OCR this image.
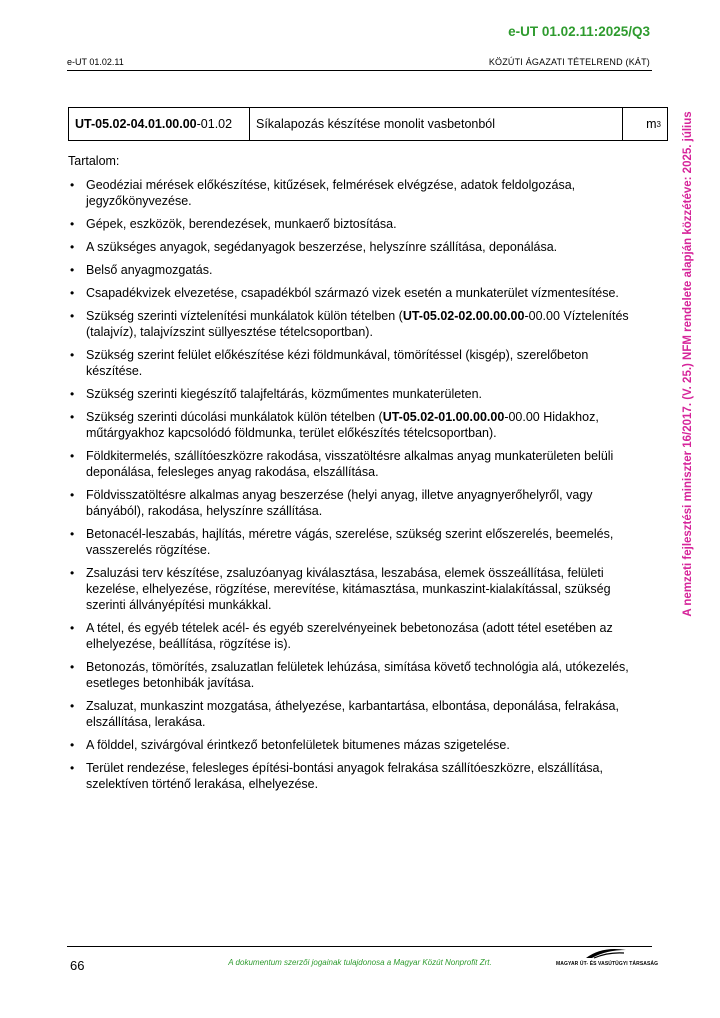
e-UT 01.02.11:2025/Q3
e-UT 01.02.11	KÖZÚTI ÁGAZATI TÉTELREND (KÁT)
UT-05.02-04.01.00.00 -01.02	Síkalapozás készítése monolit vasbetonból	m 3
Tartalom:
• Geodéziai mérések előkészítése, kitűzések, felmérések elvégzése, adatok feldolgozása, jegyzőkönyvezése.
• Gépek, eszközök, berendezések, munkaerő biztosítása.
• A szükséges anyagok, segédanyagok beszerzése, helyszínre szállítása, deponálása.
• Belső anyagmozgatás.
• Csapadékvizek elvezetése, csapadékból származó vizek esetén a munkaterület vízmentesítése.
• Szükség szerinti víztelenítési munkálatok külön tételben (UT-05.02-02.00.00.00-00.00 Víztelenítés (talajvíz), talajvízszint süllyesztése tételcsoportban).
• Szükség szerint felület előkészítése kézi földmunkával, tömörítéssel (kisgép), szerelőbeton készítése.
• Szükség szerinti kiegészítő talajfeltárás, közműmentes munkaterületen.
• Szükség szerinti dúcolási munkálatok külön tételben (UT-05.02-01.00.00.00-00.00 Hidakhoz, műtárgyakhoz kapcsolódó földmunka, terület előkészítés tételcsoportban).
• Földkitermelés, szállítóeszközre rakodása, visszatöltésre alkalmas anyag munkaterületen belüli deponálása, felesleges anyag rakodása, elszállítása.
• Földvisszatöltésre alkalmas anyag beszerzése (helyi anyag, illetve anyagnyerőhelyről, vagy bányából), rakodása, helyszínre szállítása.
• Betonacél-leszabás, hajlítás, méretre vágás, szerelése, szükség szerint előszerelés, beemelés, vasszerelés rögzítése.
• Zsaluzási terv készítése, zsaluzóanyag kiválasztása, leszabása, elemek összeállítása, felületi kezelése, elhelyezése, rögzítése, merevítése, kitámasztása, munkaszint-kialakítással, szükség szerinti állványépítési munkákkal.
• A tétel, és egyéb tételek acél- és egyéb szerelvényeinek bebetonozása (adott tétel esetében az elhelyezése, beállítása, rögzítése is).
• Betonozás, tömörítés, zsaluzatlan felületek lehúzása, simítása követő technológia alá, utókezelés, esetleges betonhibák javítása.
• Zsaluzat, munkaszint mozgatása, áthelyezése, karbantartása, elbontása, deponálása, felrakása, elszállítása, lerakása.
• A földdel, szivárgóval érintkező betonfelületek bitumenes mázas szigetelése.
• Terület rendezése, felesleges építési-bontási anyagok felrakása szállítóeszközre, elszállítása, szelektíven történő lerakása, elhelyezése.
A nemzeti fejlesztési miniszter 16/2017. (V. 25.) NFM rendelete alapján közzétéve: 2025. július
66	A dokumentum szerzői jogainak tulajdonosa a Magyar Közút Nonprofit Zrt.	MAGYAR ÚT- ÉS VASÚTÜGYI TÁRSASÁG
